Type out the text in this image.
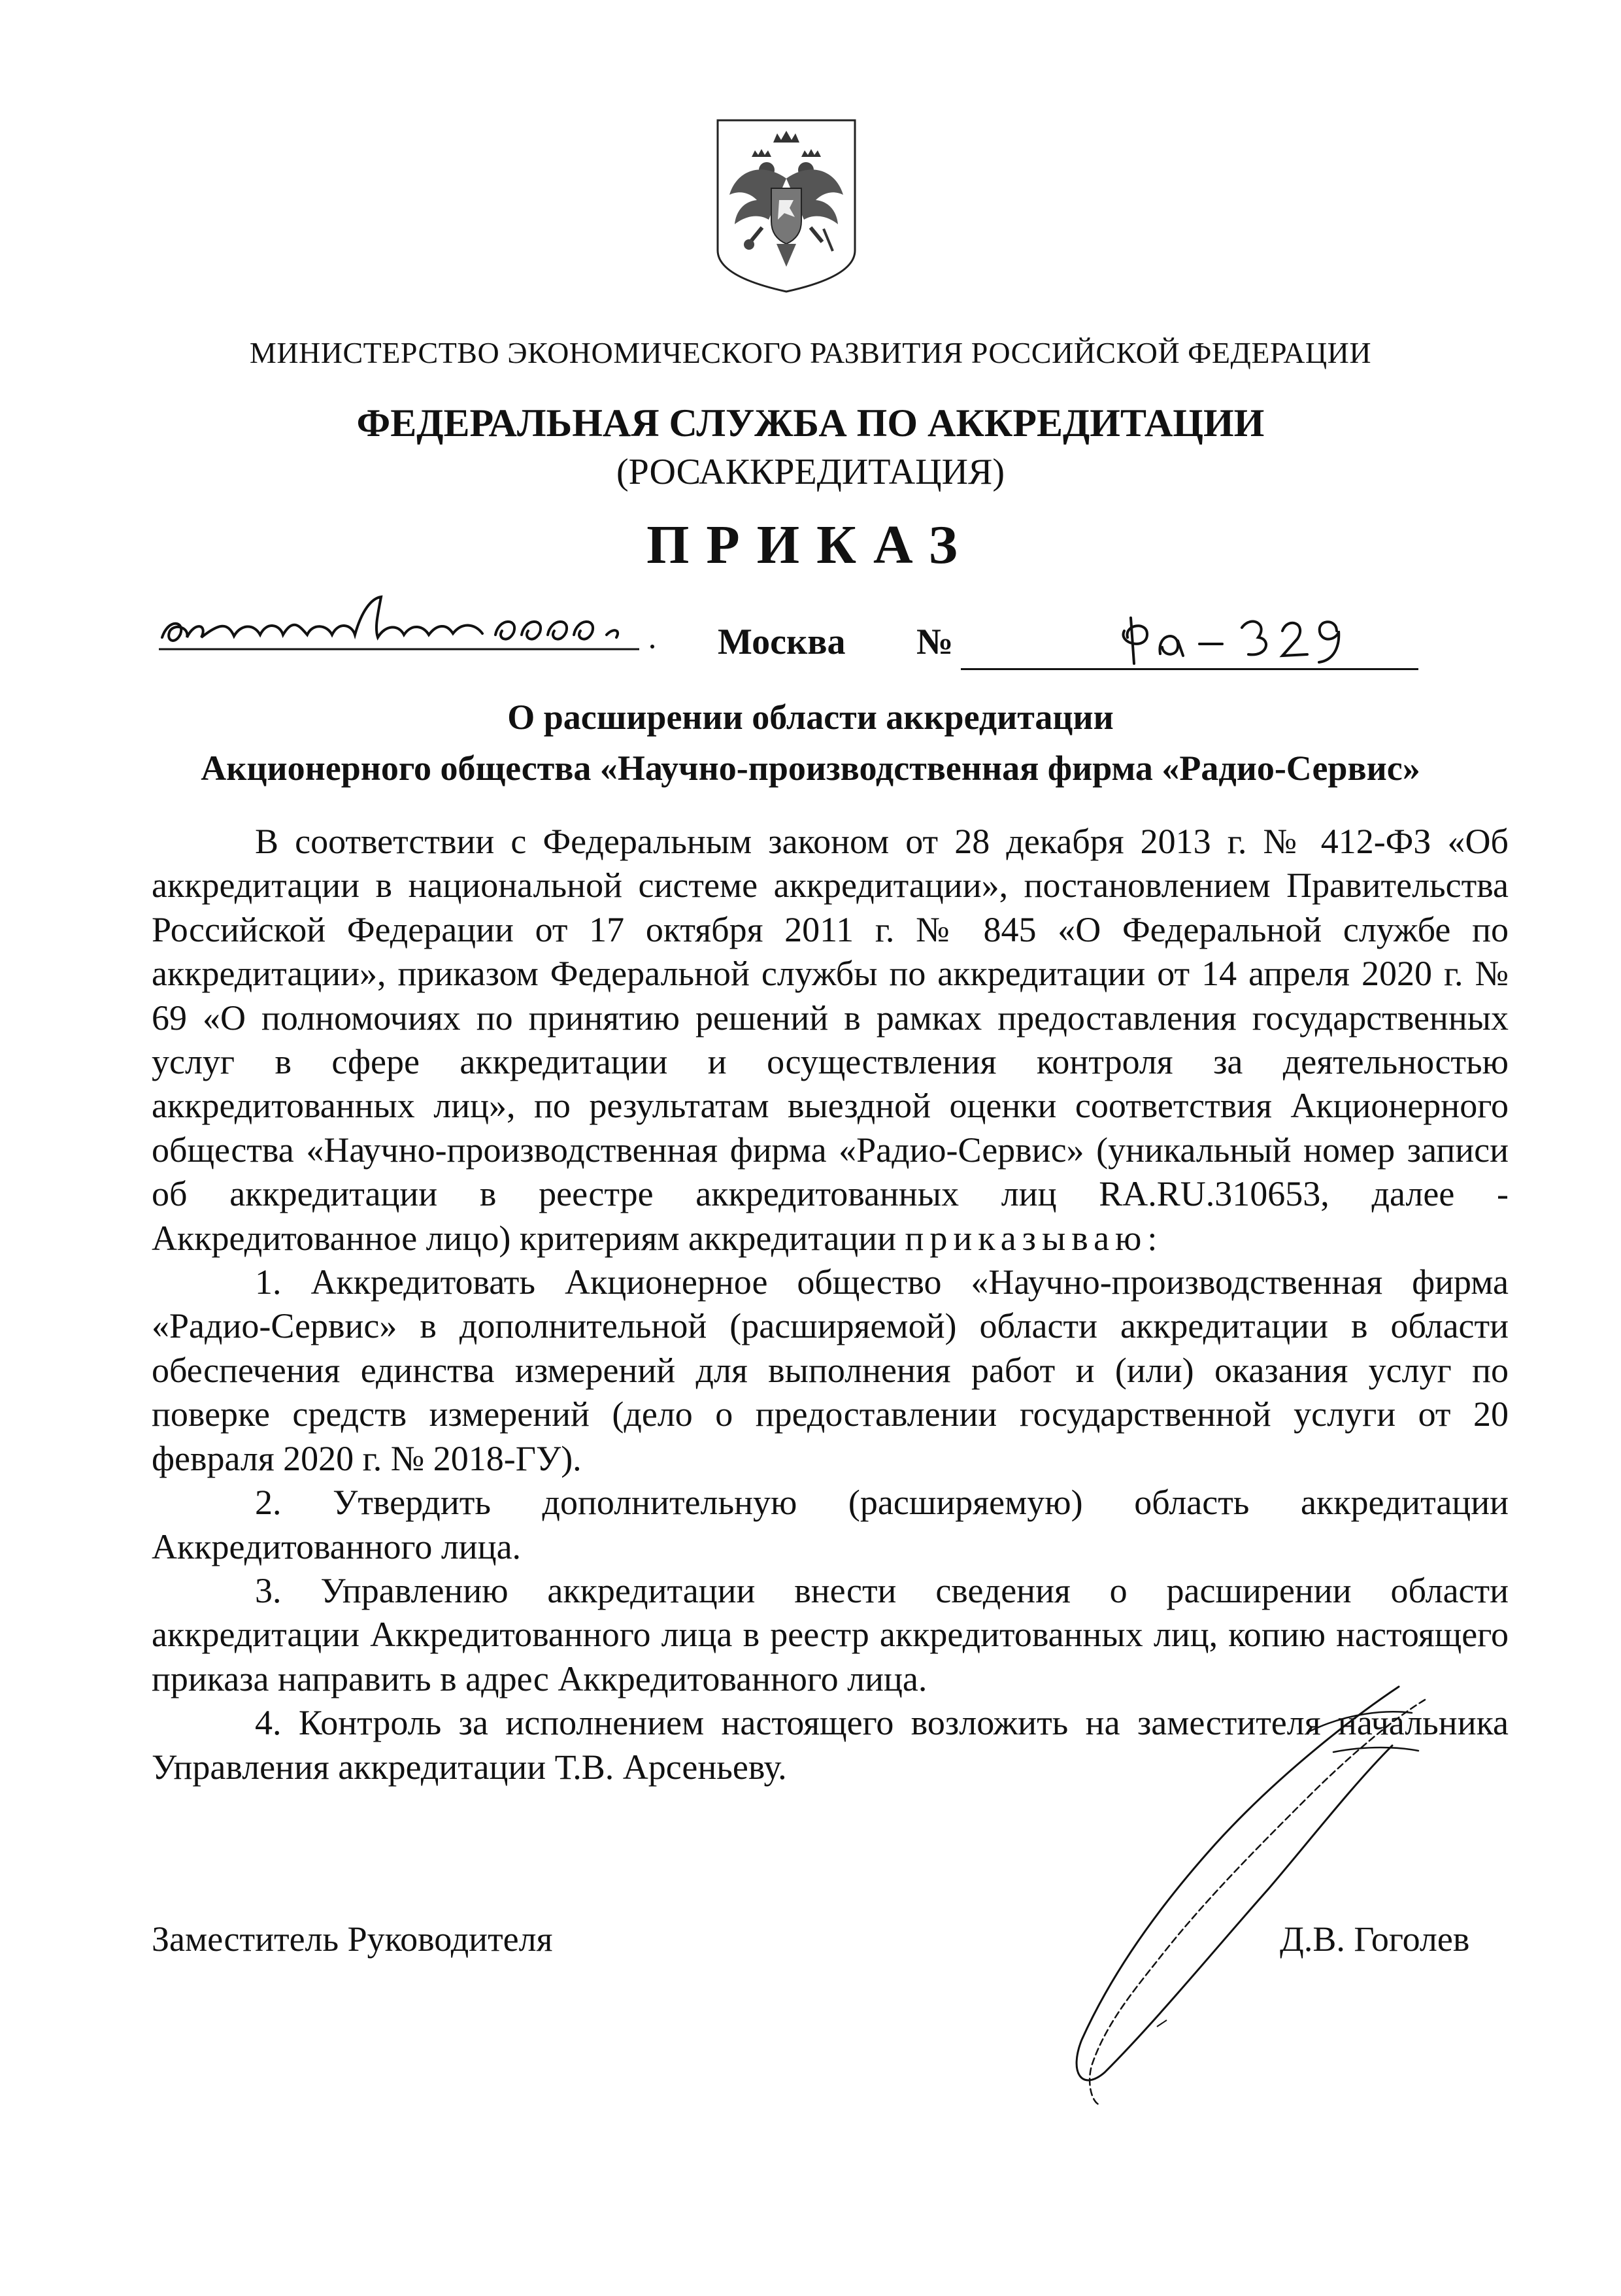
МИНИСТЕРСТВО ЭКОНОМИЧЕСКОГО РАЗВИТИЯ РОССИЙСКОЙ ФЕДЕРАЦИИ
ФЕДЕРАЛЬНАЯ СЛУЖБА ПО АККРЕДИТАЦИИ
(РОСАККРЕДИТАЦИЯ)
ПРИКАЗ
Москва №
О расширении области аккредитации
Акционерного общества «Научно-производственная фирма «Радио-Сервис»

В соответствии с Федеральным законом от 28 декабря 2013 г. № 412-ФЗ «Об аккредитации в национальной системе аккредитации», постановлением Правительства Российской Федерации от 17 октября 2011 г. № 845 «О Федеральной службе по аккредитации», приказом Федеральной службы по аккредитации от 14 апреля 2020 г. № 69 «О полномочиях по принятию решений в рамках предоставления государственных услуг в сфере аккредитации и осуществления контроля за деятельностью аккредитованных лиц», по результатам выездной оценки соответствия Акционерного общества «Научно-производственная фирма «Радио-Сервис» (уникальный номер записи об аккредитации в реестре аккредитованных лиц RA.RU.310653, далее - Аккредитованное лицо) критериям аккредитации приказываю:

1. Аккредитовать Акционерное общество «Научно-производственная фирма «Радио-Сервис» в дополнительной (расширяемой) области аккредитации в области обеспечения единства измерений для выполнения работ и (или) оказания услуг по поверке средств измерений (дело о предоставлении государственной услуги от 20 февраля 2020 г. № 2018-ГУ).

2. Утвердить дополнительную (расширяемую) область аккредитации Аккредитованного лица.

3. Управлению аккредитации внести сведения о расширении области аккредитации Аккредитованного лица в реестр аккредитованных лиц, копию настоящего приказа направить в адрес Аккредитованного лица.

4. Контроль за исполнением настоящего возложить на заместителя начальника Управления аккредитации Т.В. Арсеньеву.

Заместитель Руководителя	Д.В. Гоголев
